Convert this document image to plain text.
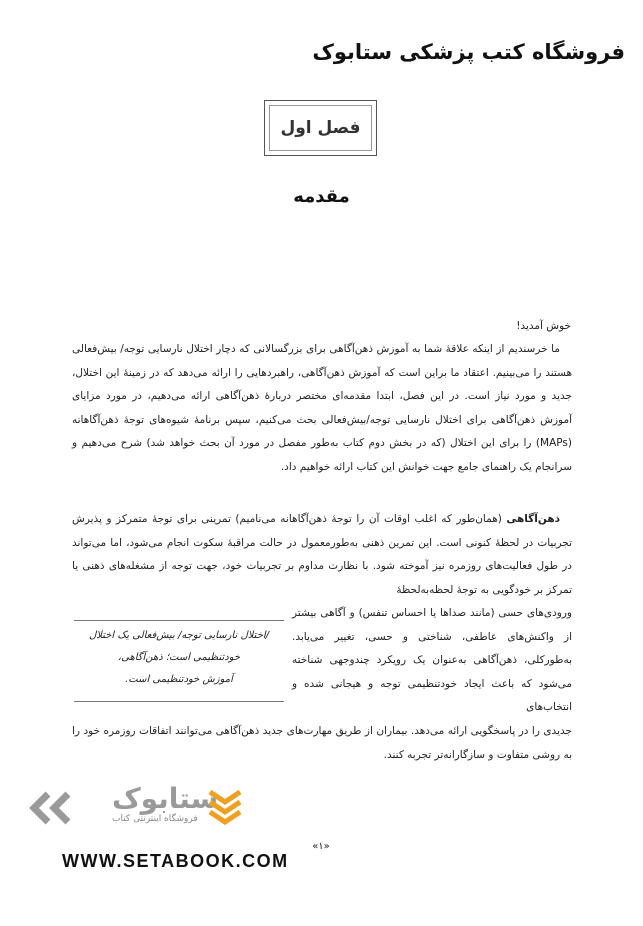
فروشگاه کتب پزشکی ستابوک
فصل اول
مقدمه
خوش آمدید!
ما خرسندیم از اینکه علاقهٔ شما به آموزش ذهن‌آگاهی برای بزرگسالانی که دچار اختلال نارسایی توجه/ بیش‌فعالی هستند را می‌بینیم. اعتقاد ما براین است که آموزش ذهن‌آگاهی، راهبردهایی را ارائه می‌دهد که در زمینهٔ این اختلال، جدید و مورد نیاز است. در این فصل، ابتدا مقدمه‌ای مختصر دربارهٔ ذهن‌آگاهی ارائه می‌دهیم، در مورد مزایای آموزش ذهن‌آگاهی برای اختلال نارسایی توجه/بیش‌فعالی بحث می‌کنیم، سپس برنامهٔ شیوه‌های توجهٔ ذهن‌آگاهانه (MAPs) را برای این اختلال (که در بخش دوم کتاب به‌طور مفصل در مورد آن بحث خواهد شد) شرح می‌دهیم و سرانجام یک راهنمای جامع جهت خوانش این کتاب ارائه خواهیم داد.
ذهن‌آگاهی (همان‌طور که اغلب اوقات آن را توجهٔ ذهن‌آگاهانه می‌نامیم) تمرینی برای توجهٔ متمرکز و پذیرش تجربیات در لحظهٔ کنونی است. این تمرین ذهنی به‌طورمعمول در حالت مراقبهٔ سکوت انجام می‌شود، اما می‌تواند در طول فعالیت‌های روزمره نیز آموخته شود. با نظارت مداوم بر تجربیات خود، جهت توجه از مشغله‌های ذهنی یا تمرکز بر خودگویی به توجهٔ لحظه‌به‌لحظهٔ
ورودی‌های حسی (مانند صداها یا احساس تنفس) و آگاهی بیشتر از واکنش‌های عاطفی، شناختی و حسی، تغییر می‌یابد. به‌طورکلی، ذهن‌آگاهی به‌عنوان یک رویکرد چندوجهی شناخته می‌شود که باعث ایجاد خودتنظیمی توجه و هیجانی شده و انتخاب‌های
/اختلال نارسایی توجه/ بیش‌فعالی یک اختلال
خودتنظیمی است؛ ذهن‌آگاهی،
آموزش خودتنظیمی است.
جدیدی را در پاسخگویی ارائه می‌دهد. بیماران از طریق مهارت‌های جدید ذهن‌آگاهی می‌توانند اتفاقات روزمره خود را به روشی متفاوت و سازگارانه‌تر تجربه کنند.
ستابوک
فروشگاه اینترنتی کتاب
WWW.SETABOOK.COM
«۱»
